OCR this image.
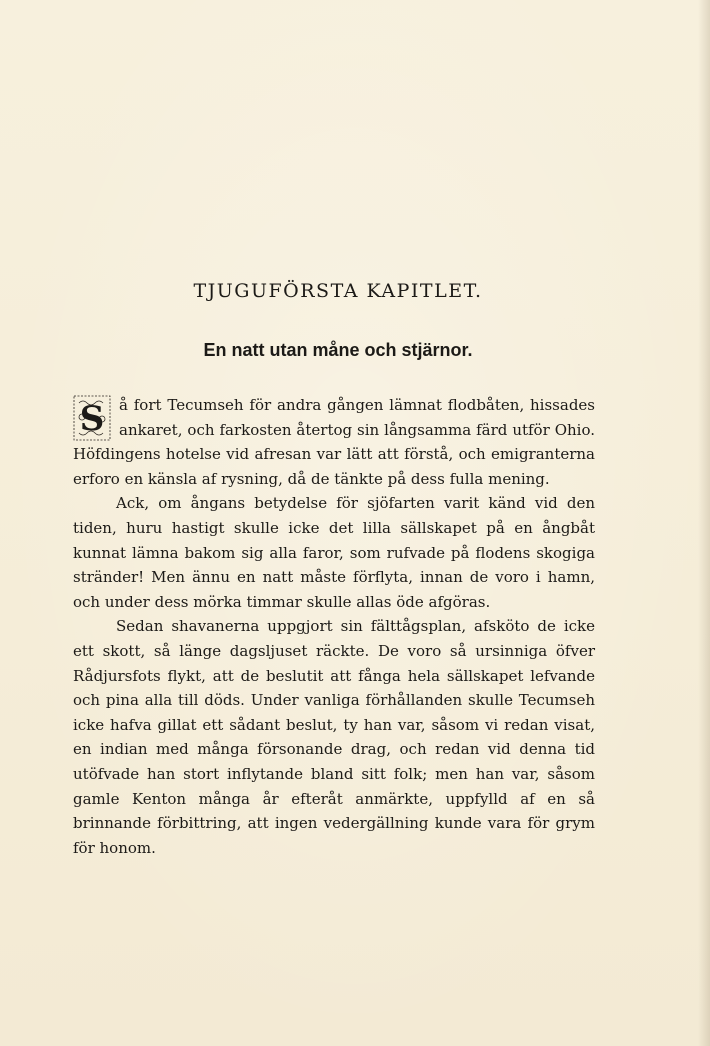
TJUGUFÖRSTA KAPITLET.
En natt utan måne och stjärnor.

S å fort Tecumseh för andra gången lämnat flodbåten, hissades ankaret, och farkosten återtog sin långsamma färd utför Ohio. Höfdingens hotelse vid afresan var lätt att förstå, och emigranterna erforo en känsla af rysning, då de tänkte på dess fulla mening.

Ack, om ångans betydelse för sjöfarten varit känd vid den tiden, huru hastigt skulle icke det lilla sällskapet på en ångbåt kunnat lämna bakom sig alla faror, som rufvade på flodens skogiga stränder! Men ännu en natt måste förflyta, innan de voro i hamn, och under dess mörka timmar skulle allas öde afgöras.

Sedan shavanerna uppgjort sin fälttågsplan, afsköto de icke ett skott, så länge dagsljuset räckte. De voro så ursinniga öfver Rådjursfots flykt, att de beslutit att fånga hela sällskapet lefvande och pina alla till döds. Under vanliga förhållanden skulle Tecumseh icke hafva gillat ett sådant beslut, ty han var, såsom vi redan visat, en indian med många försonande drag, och redan vid denna tid utöfvade han stort inflytande bland sitt folk; men han var, såsom gamle Kenton många år efteråt anmärkte, uppfylld af en så brinnande förbittring, att ingen vedergällning kunde vara för grym för honom.
